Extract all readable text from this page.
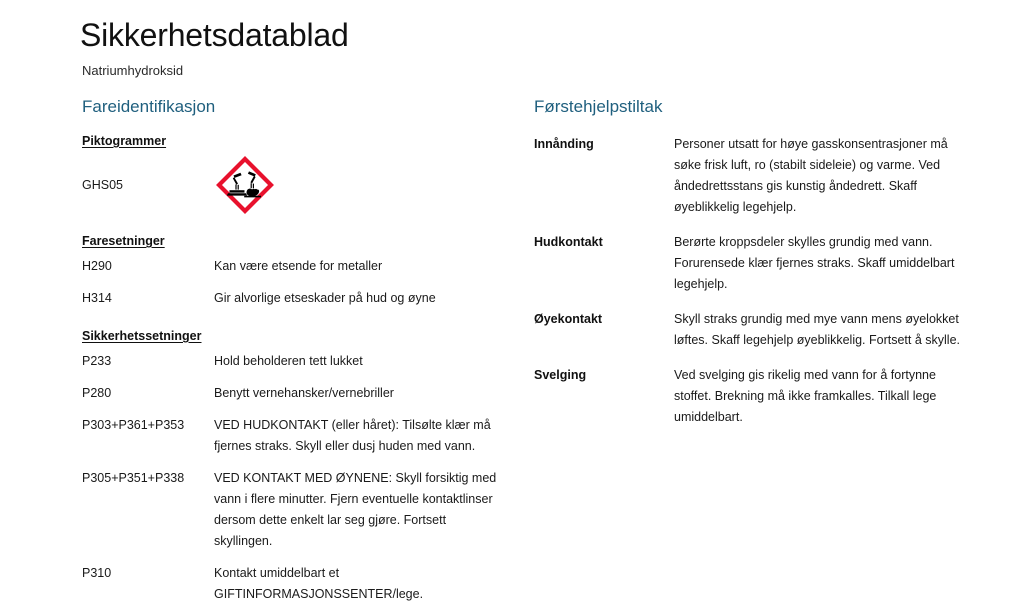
Sikkerhetsdatablad
Natriumhydroksid
Fareidentifikasjon
Piktogrammer
GHS05
Faresetninger
H290	Kan være etsende for metaller
H314	Gir alvorlige etseskader på hud og øyne
Sikkerhetssetninger
P233	Hold beholderen tett lukket
P280	Benytt vernehansker/vernebriller
P303+P361+P353	VED HUDKONTAKT (eller håret): Tilsølte klær må fjernes straks. Skyll eller dusj huden med vann.
P305+P351+P338	VED KONTAKT MED ØYNENE: Skyll forsiktig med vann i flere minutter. Fjern eventuelle kontaktlinser dersom dette enkelt lar seg gjøre. Fortsett skyllingen.
P310	Kontakt umiddelbart et GIFTINFORMASJONSSENTER/lege.
Førstehjelpstiltak
Innånding	Personer utsatt for høye gasskonsentrasjoner må søke frisk luft, ro (stabilt sideleie) og varme. Ved åndedrettsstans gis kunstig åndedrett. Skaff øyeblikkelig legehjelp.
Hudkontakt	Berørte kroppsdeler skylles grundig med vann. Forurensede klær fjernes straks. Skaff umiddelbart legehjelp.
Øyekontakt	Skyll straks grundig med mye vann mens øyelokket løftes. Skaff legehjelp øyeblikkelig. Fortsett å skylle.
Svelging	Ved svelging gis rikelig med vann for å fortynne stoffet. Brekning må ikke framkalles. Tilkall lege umiddelbart.
